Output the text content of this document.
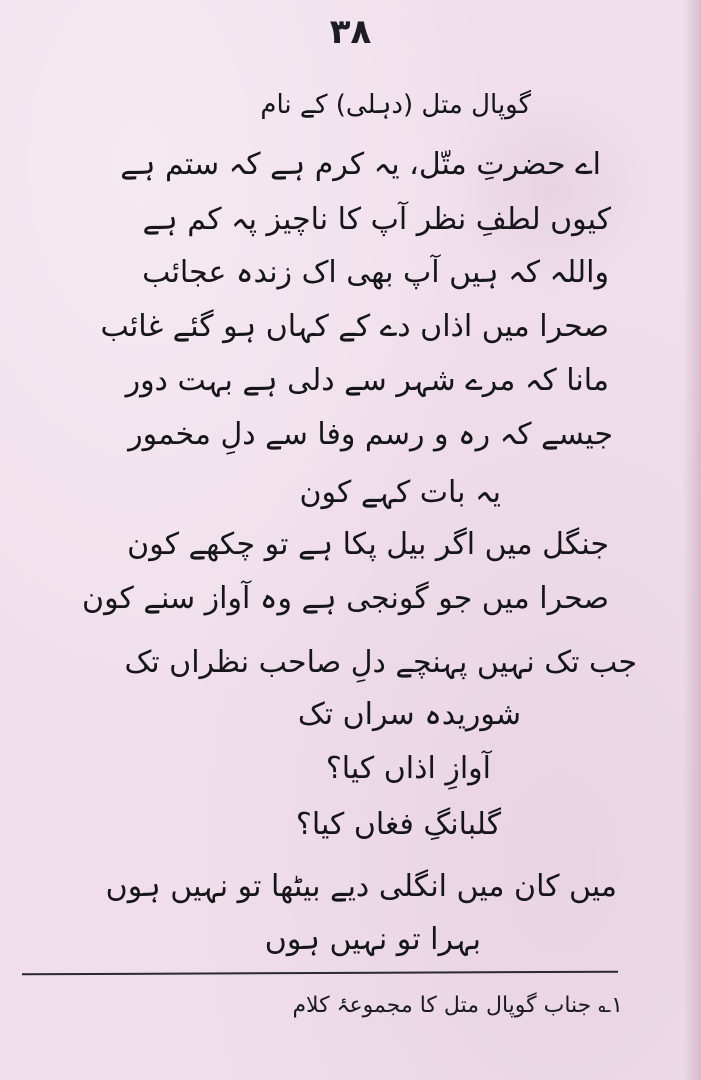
۳۸
گوپال متل (دہلی) کے نام
اے حضرتِ متّل، یہ کرم ہے کہ ستم ہے
کیوں لطفِ نظر آپ کا ناچیز پہ کم ہے
واللہ کہ ہیں آپ بھی اک زندہ عجائب
صحرا میں اذاں دے کے کہاں ہو گئے غائب
مانا کہ مرے شہر سے دلی ہے بہت دور
جیسے کہ رہ و رسم وفا سے دلِ مخمور
یہ بات کہے کون
جنگل میں اگر بیل پکا ہے تو چکھے کون
صحرا میں جو گونجی ہے وہ آواز سنے کون
جب تک نہیں پہنچے دلِ صاحب نظراں تک
شوریدہ سراں تک
آوازِ اذاں کیا؟
گلبانگِ فغاں کیا؟
میں کان میں انگلی دیے بیٹھا تو نہیں ہوں
بہرا تو نہیں ہوں
۱؎ جناب گوپال متل کا مجموعۂ کلام
